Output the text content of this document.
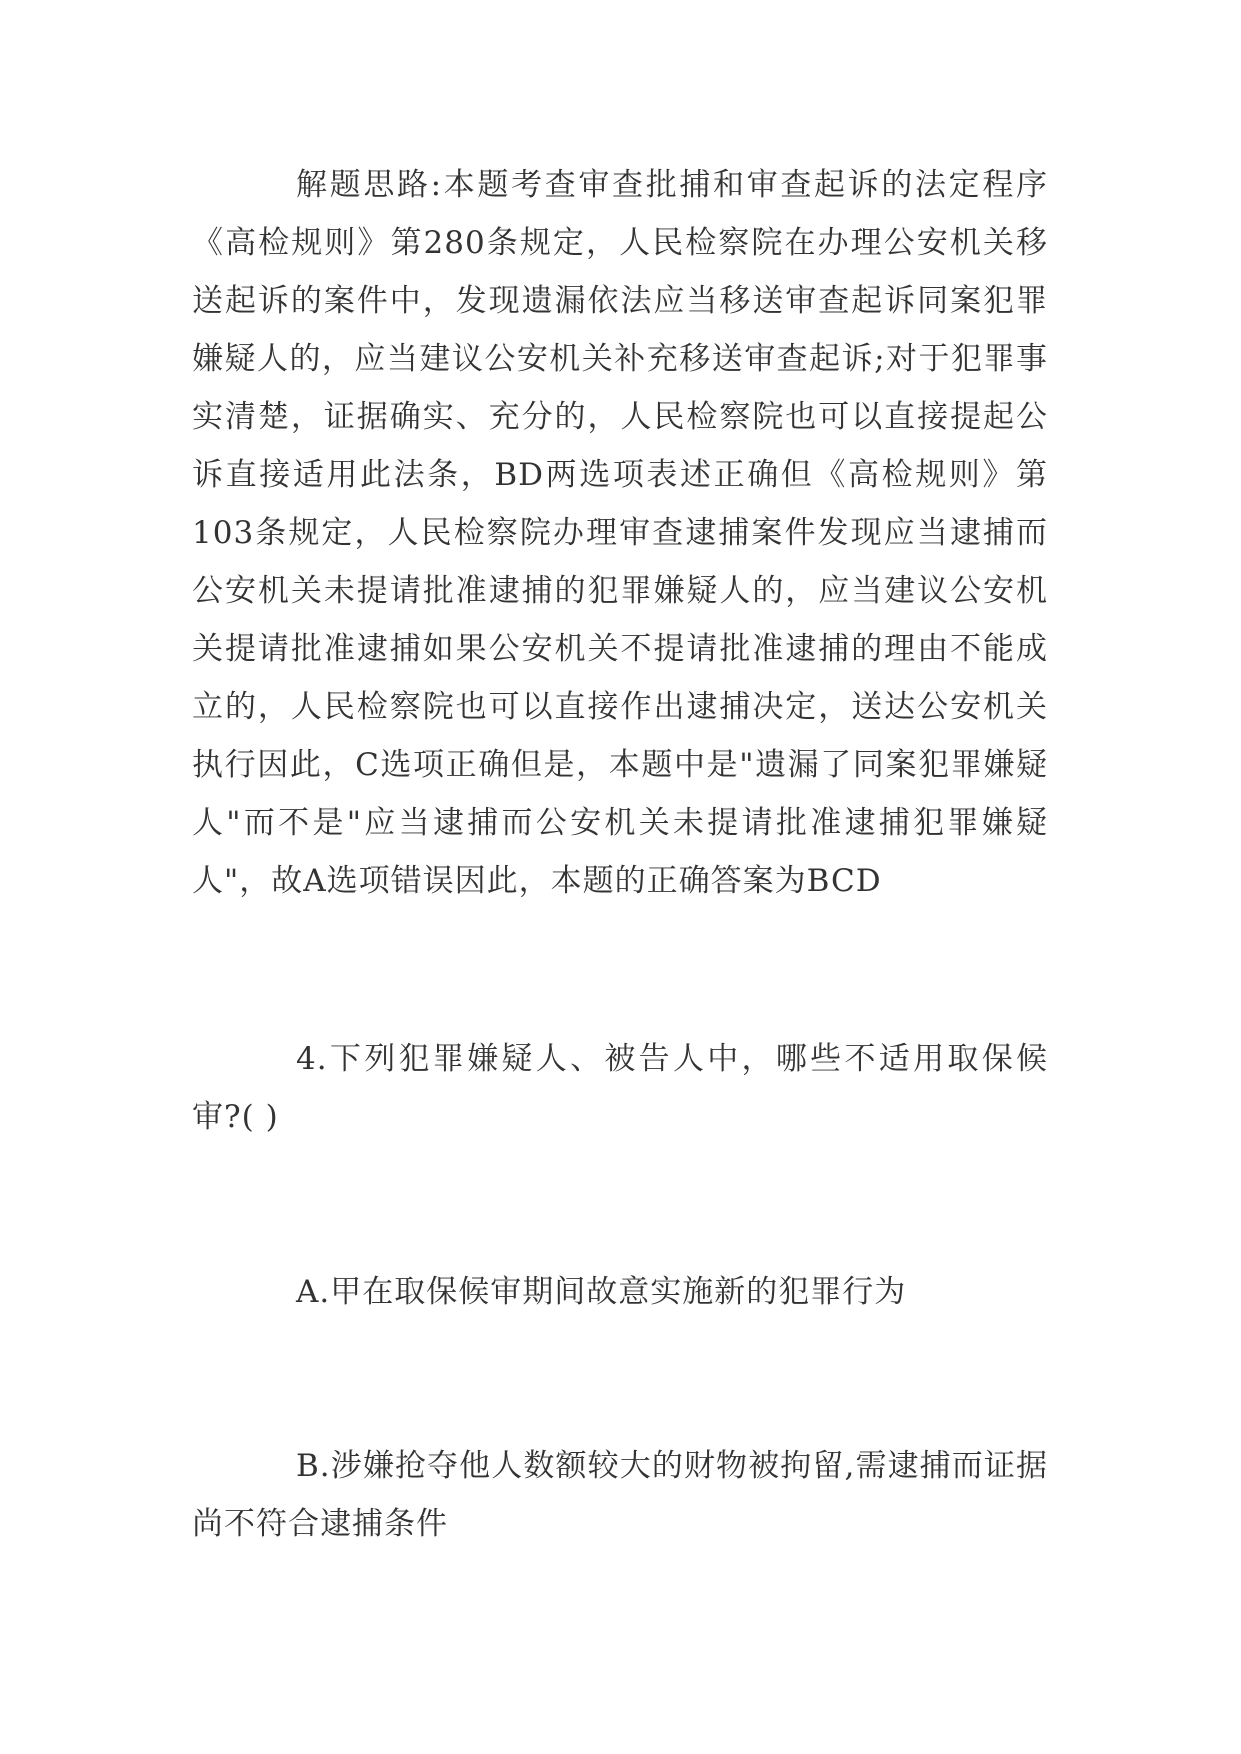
解题思路:本题考查审查批捕和审查起诉的法定程序《高检规则》第280条规定，人民检察院在办理公安机关移送起诉的案件中，发现遗漏依法应当移送审查起诉同案犯罪嫌疑人的，应当建议公安机关补充移送审查起诉;对于犯罪事实清楚，证据确实、充分的，人民检察院也可以直接提起公诉直接适用此法条，BD两选项表述正确但《高检规则》第103条规定，人民检察院办理审查逮捕案件发现应当逮捕而公安机关未提请批准逮捕的犯罪嫌疑人的，应当建议公安机关提请批准逮捕如果公安机关不提请批准逮捕的理由不能成立的，人民检察院也可以直接作出逮捕决定，送达公安机关执行因此，C选项正确但是，本题中是"遗漏了同案犯罪嫌疑人"而不是"应当逮捕而公安机关未提请批准逮捕犯罪嫌疑人"，故A选项错误因此，本题的正确答案为BCD

4.下列犯罪嫌疑人、被告人中，哪些不适用取保候审?( )

A.甲在取保候审期间故意实施新的犯罪行为

B.涉嫌抢夺他人数额较大的财物被拘留,需逮捕而证据尚不符合逮捕条件
